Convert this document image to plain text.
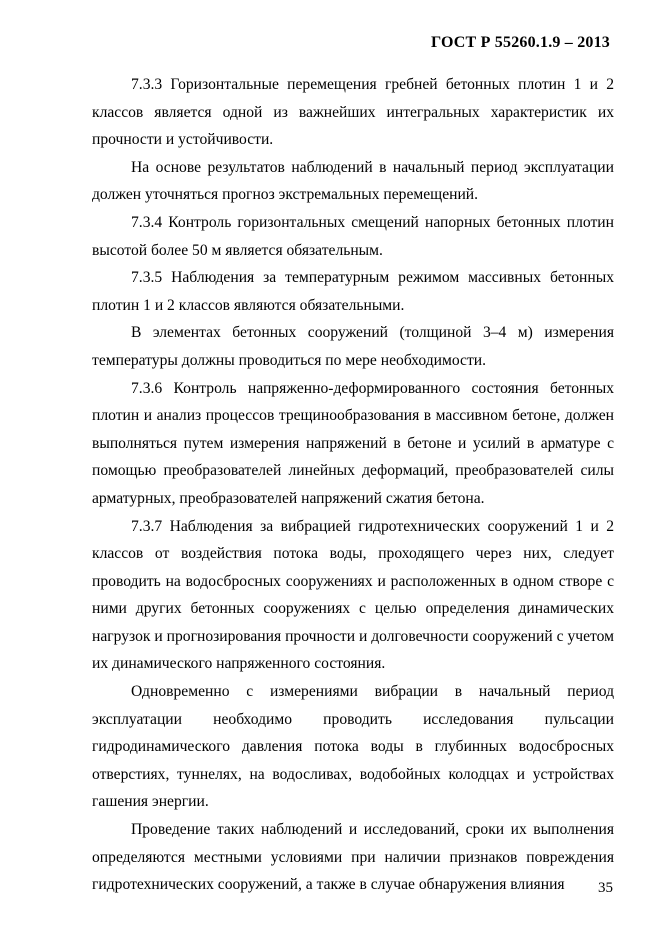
ГОСТ Р 55260.1.9 – 2013

7.3.3 Горизонтальные перемещения гребней бетонных плотин 1 и 2 классов является одной из важнейших интегральных характеристик их прочности и устойчивости.

На основе результатов наблюдений в начальный период эксплуатации должен уточняться прогноз экстремальных перемещений.

7.3.4 Контроль горизонтальных смещений напорных бетонных плотин высотой более 50 м является обязательным.

7.3.5 Наблюдения за температурным режимом массивных бетонных плотин 1 и 2 классов являются обязательными.

В элементах бетонных сооружений (толщиной 3–4 м) измерения температуры должны проводиться по мере необходимости.

7.3.6 Контроль напряженно-деформированного состояния бетонных плотин и анализ процессов трещинообразования в массивном бетоне, должен выполняться путем измерения напряжений в бетоне и усилий в арматуре с помощью преобразователей линейных деформаций, преобразователей силы арматурных, преобразователей напряжений сжатия бетона.

7.3.7 Наблюдения за вибрацией гидротехнических сооружений 1 и 2 классов от воздействия потока воды, проходящего через них, следует проводить на водосбросных сооружениях и расположенных в одном створе с ними других бетонных сооружениях с целью определения динамических нагрузок и прогнозирования прочности и долговечности сооружений с учетом их динамического напряженного состояния.

Одновременно с измерениями вибрации в начальный период эксплуатации необходимо проводить исследования пульсации гидродинамического давления потока воды в глубинных водосбросных отверстиях, туннелях, на водосливах, водобойных колодцах и устройствах гашения энергии.

Проведение таких наблюдений и исследований, сроки их выполнения определяются местными условиями при наличии признаков повреждения гидротехнических сооружений, а также в случае обнаружения влияния	35
